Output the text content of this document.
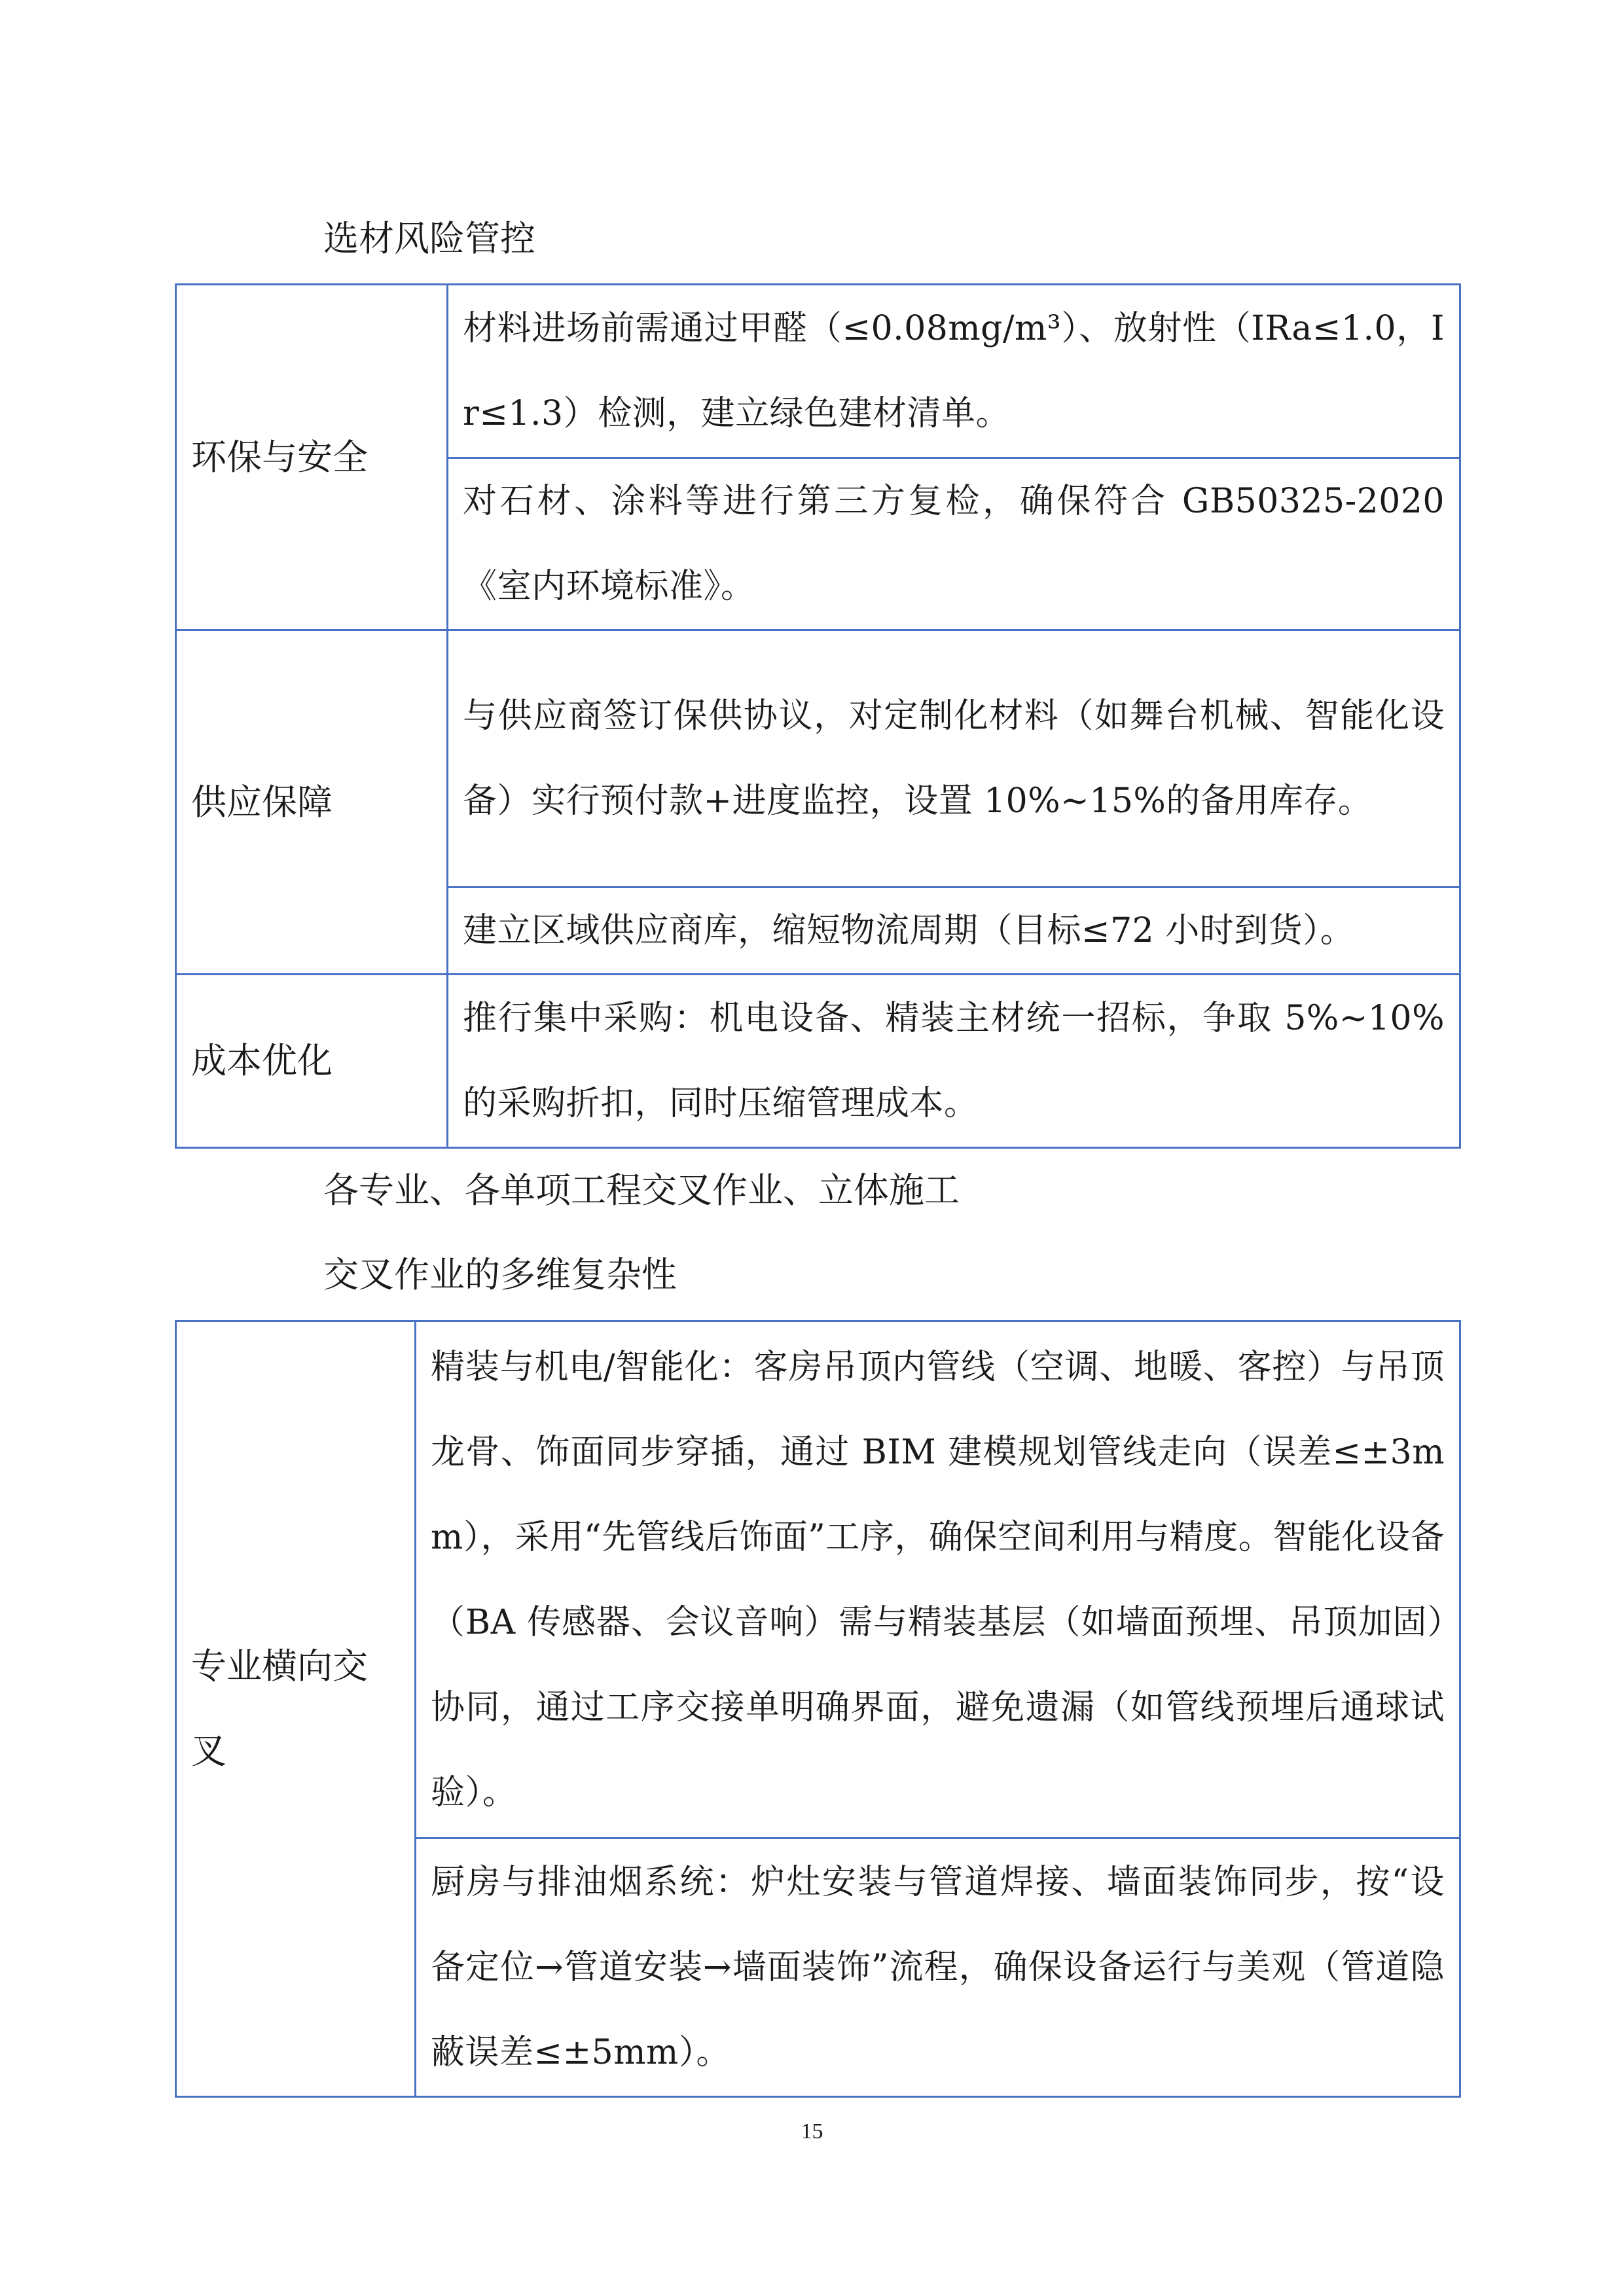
选材风险管控
环保与安全	材料进场前需通过甲醛（≤0.08mg/m³）、放射性（IRa≤1.0，Ir≤1.3）检测，建立绿色建材清单。
	对石材、涂料等进行第三方复检，确保符合 GB50325-2020《室内环境标准》。
供应保障	与供应商签订保供协议，对定制化材料（如舞台机械、智能化设备）实行预付款+进度监控，设置 10%~15%的备用库存。
	建立区域供应商库，缩短物流周期（目标≤72 小时到货）。
成本优化	推行集中采购：机电设备、精装主材统一招标，争取 5%~10%的采购折扣，同时压缩管理成本。
各专业、各单项工程交叉作业、立体施工
交叉作业的多维复杂性
专业横向交叉	精装与机电/智能化：客房吊顶内管线（空调、地暖、客控）与吊顶龙骨、饰面同步穿插，通过 BIM 建模规划管线走向（误差≤±3mm），采用“先管线后饰面”工序，确保空间利用与精度。智能化设备（BA 传感器、会议音响）需与精装基层（如墙面预埋、吊顶加固）协同，通过工序交接单明确界面，避免遗漏（如管线预埋后通球试验）。
厨房与排油烟系统：炉灶安装与管道焊接、墙面装饰同步，按“设备定位→管道安装→墙面装饰”流程，确保设备运行与美观（管道隐蔽误差≤±5mm）。
15
